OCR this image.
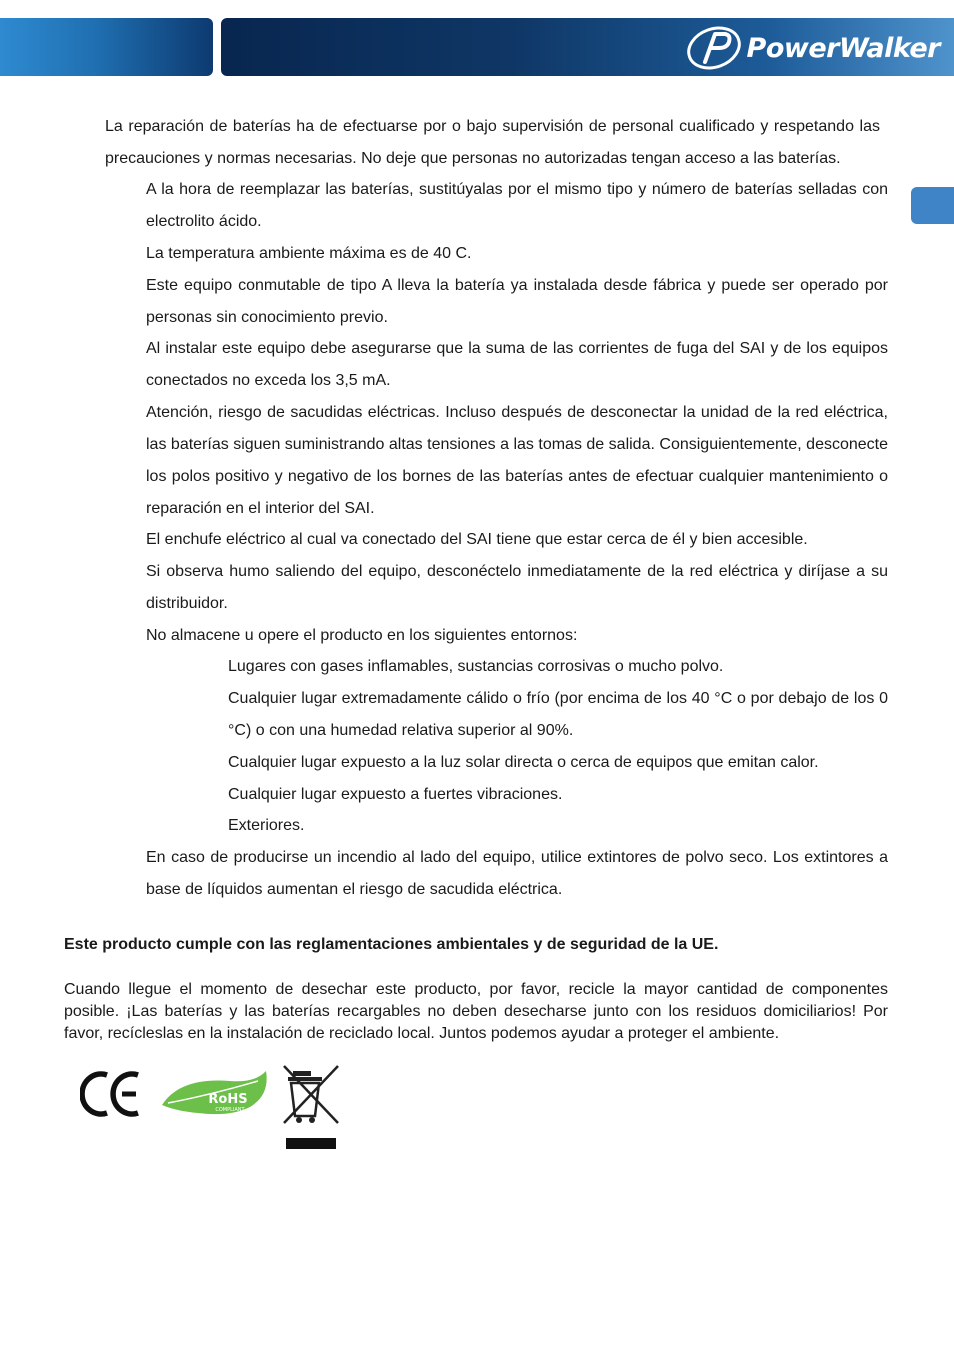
PowerWalker

La reparación de baterías ha de efectuarse por o bajo supervisión de personal cualificado y respetando las precauciones y normas necesarias. No deje que personas no autorizadas tengan acceso a las baterías.

A la hora de reemplazar las baterías, sustitúyalas por el mismo tipo y número de baterías selladas con electrolito ácido.

La temperatura ambiente máxima es de 40 C.

Este equipo conmutable de tipo A lleva la batería ya instalada desde fábrica y puede ser operado por personas sin conocimiento previo.

Al instalar este equipo debe asegurarse que la suma de las corrientes de fuga del SAI y de los equipos conectados no exceda los 3,5 mA.

Atención, riesgo de sacudidas eléctricas. Incluso después de desconectar la unidad de la red eléctrica, las baterías siguen suministrando altas tensiones a las tomas de salida. Consiguientemente, desconecte los polos positivo y negativo de los bornes de las baterías antes de efectuar cualquier mantenimiento o reparación en el interior del SAI.

El enchufe eléctrico al cual va conectado del SAI tiene que estar cerca de él y bien accesible.

Si observa humo saliendo del equipo, desconéctelo inmediatamente de la red eléctrica y diríjase a su distribuidor.

No almacene u opere el producto en los siguientes entornos:

Lugares con gases inflamables, sustancias corrosivas o mucho polvo.

Cualquier lugar extremadamente cálido o frío (por encima de los 40 °C o por debajo de los 0 °C) o con una humedad relativa superior al 90%.

Cualquier lugar expuesto a la luz solar directa o cerca de equipos que emitan calor.

Cualquier lugar expuesto a fuertes vibraciones.

Exteriores.

En caso de producirse un incendio al lado del equipo, utilice extintores de polvo seco. Los extintores a base de líquidos aumentan el riesgo de sacudida eléctrica.

Este producto cumple con las reglamentaciones ambientales y de seguridad de la UE.

Cuando llegue el momento de desechar este producto, por favor, recicle la mayor cantidad de componentes posible. ¡Las baterías y las baterías recargables no deben desecharse junto con los residuos domiciliarios! Por favor, recícleslas en la instalación de reciclado local. Juntos podemos ayudar a proteger el ambiente.

RoHS
COMPLIANT
